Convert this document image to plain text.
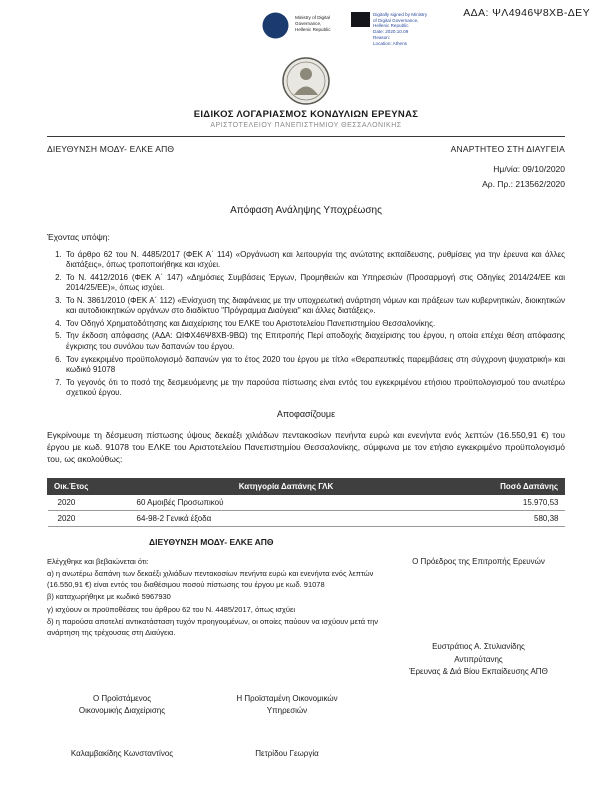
ΑΔΑ: ΨΛ4946Ψ8ΧΒ-ΔΕΥ
Ministry of Digital
Governance,
Hellenic Republic
Digitally signed by Ministry
of Digital Governance,
Hellenic Republic
Date: 2020.10.09
Reason:
Location: Athens
ΕΙΔΙΚΟΣ ΛΟΓΑΡΙΑΣΜΟΣ ΚΟΝΔΥΛΙΩΝ ΕΡΕΥΝΑΣ
ΑΡΙΣΤΟΤΕΛΕΙΟΥ ΠΑΝΕΠΙΣΤΗΜΙΟΥ ΘΕΣΣΑΛΟΝΙΚΗΣ
ΔΙΕΥΘΥΝΣΗ ΜΟΔΥ- ΕΛΚΕ ΑΠΘ	ΑΝΑΡΤΗΤΕΟ ΣΤΗ ΔΙΑΥΓΕΙΑ
Ημ/νία: 09/10/2020
Αρ. Πρ.: 213562/2020
Απόφαση Ανάληψης Υποχρέωσης
Έχοντας υπόψη:
1. Το άρθρο 62 του Ν. 4485/2017 (ΦΕΚ Α΄ 114) «Οργάνωση και λειτουργία της ανώτατης εκπαίδευσης, ρυθμίσεις για την έρευνα και άλλες διατάξεις», όπως τροποποιήθηκε και ισχύει.
2. Το Ν. 4412/2016 (ΦΕΚ Α΄ 147) «Δημόσιες Συμβάσεις Έργων, Προμηθειών και Υπηρεσιών (Προσαρμογή στις Οδηγίες 2014/24/ΕΕ και 2014/25/ΕΕ)», όπως ισχύει.
3. Το Ν. 3861/2010 (ΦΕΚ Α΄ 112) «Ενίσχυση της διαφάνειας με την υποχρεωτική ανάρτηση νόμων και πράξεων των κυβερνητικών, διοικητικών και αυτοδιοικητικών οργάνων στο διαδίκτυο "Πρόγραμμα Διαύγεια" και άλλες διατάξεις».
4. Τον Οδηγό Χρηματοδότησης και Διαχείρισης του ΕΛΚΕ του Αριστοτελείου Πανεπιστημίου Θεσσαλονίκης.
5. Την έκδοση απόφασης (ΑΔΑ: ΩΙΦΧ46Ψ8ΧΒ-9ΒΩ) της Επιτροπής Περί αποδοχής διαχείρισης του έργου, η οποία επέχει θέση απόφασης έγκρισης του συνόλου των δαπανών του έργου.
6. Τον εγκεκριμένο προϋπολογισμό δαπανών για το έτος 2020 του έργου με τίτλο «Θεραπευτικές παρεμβάσεις στη σύγχρονη ψυχιατρική» και κωδικό 91078
7. Το γεγονός ότι το ποσό της δεσμευόμενης με την παρούσα πίστωσης είναι εντός του εγκεκριμένου ετήσιου προϋπολογισμού του ανωτέρω σχετικού έργου.
Αποφασίζουμε

Εγκρίνουμε τη δέσμευση πίστωσης ύψους δεκαέξι χιλιάδων πεντακοσίων πενήντα ευρώ και ενενήντα ενός λεπτών (16.550,91 €) του έργου με κωδ. 91078 του ΕΛΚΕ του Αριστοτελείου Πανεπιστημίου Θεσσαλονίκης, σύμφωνα με τον ετήσιο εγκεκριμένο προϋπολογισμό του, ως ακολούθως:

Οικ.Έτος	Κατηγορία Δαπάνης ΓΛΚ	Ποσό Δαπάνης
2020	60 Αμοιβές Προσωπικού	15.970,53
2020	64-98-2 Γενικά έξοδα	580,38
ΔΙΕΥΘΥΝΣΗ ΜΟΔΥ- ΕΛΚΕ ΑΠΘ
Ελέγχθηκε και βεβαιώνεται ότι:
α) η ανωτέρω δαπάνη των δεκαέξι χιλιάδων πεντακοσίων πενήντα ευρώ και ενενήντα ενός λεπτών (16.550,91 €) είναι εντός του διαθέσιμου ποσού πίστωσης του έργου με κωδ. 91078
β) καταχωρήθηκε με κωδικό 5967930
γ) ισχύουν οι προϋποθέσεις του άρθρου 62 του Ν. 4485/2017, όπως ισχύει
δ) η παρούσα αποτελεί αντικατάσταση τυχόν προηγουμένων, οι οποίες παύουν να ισχύουν μετά την ανάρτηση της τρέχουσας στη Διαύγεια.
Ο Πρόεδρος της Επιτροπής Ερευνών
Ευστράτιος Α. Στυλιανίδης
Αντιπρύτανης
Έρευνας & Διά Βίου Εκπαίδευσης ΑΠΘ
Ο Προϊστάμενος
Οικονομικής Διαχείρισης
Η Προϊσταμένη Οικονομικών
Υπηρεσιών
Καλαμβακίδης Κωνσταντίνος	Πετρίδου Γεωργία
